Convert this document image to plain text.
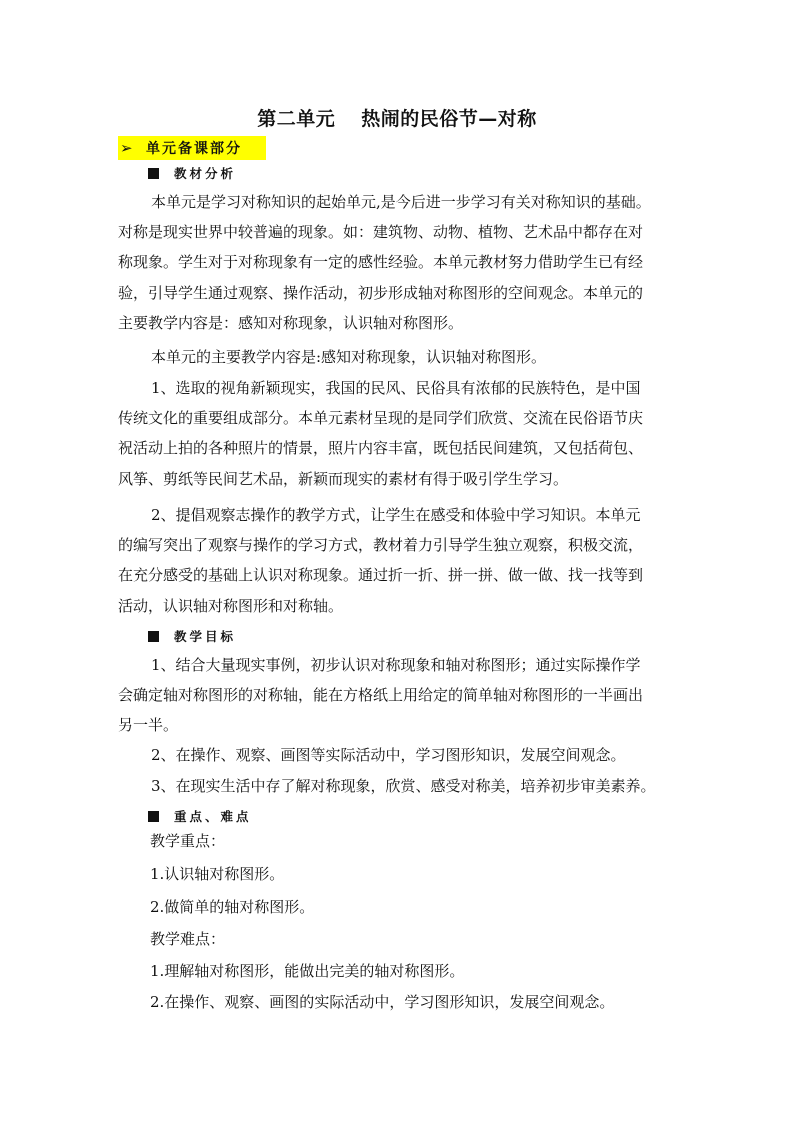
第二单元 热闹的民俗节—对称
➢ 单元备课部分
教材分析
本单元是学习对称知识的起始单元,是今后进一步学习有关对称知识的基础。
对称是现实世界中较普遍的现象。如：建筑物、动物、植物、艺术品中都存在对
称现象。学生对于对称现象有一定的感性经验。本单元教材努力借助学生已有经
验，引导学生通过观察、操作活动，初步形成轴对称图形的空间观念。本单元的
主要教学内容是：感知对称现象，认识轴对称图形。
本单元的主要教学内容是:感知对称现象，认识轴对称图形。
1、选取的视角新颖现实，我国的民风、民俗具有浓郁的民族特色，是中国
传统文化的重要组成部分。本单元素材呈现的是同学们欣赏、交流在民俗语节庆
祝活动上拍的各种照片的情景，照片内容丰富，既包括民间建筑，又包括荷包、
风筝、剪纸等民间艺术品，新颖而现实的素材有得于吸引学生学习。
2、提倡观察志操作的教学方式，让学生在感受和体验中学习知识。本单元
的编写突出了观察与操作的学习方式，教材着力引导学生独立观察，积极交流，
在充分感受的基础上认识对称现象。通过折一折、拼一拼、做一做、找一找等到
活动，认识轴对称图形和对称轴。
教学目标
1、结合大量现实事例，初步认识对称现象和轴对称图形；通过实际操作学
会确定轴对称图形的对称轴，能在方格纸上用给定的简单轴对称图形的一半画出
另一半。
2、在操作、观察、画图等实际活动中，学习图形知识，发展空间观念。
3、在现实生活中存了解对称现象，欣赏、感受对称美，培养初步审美素养。
重点、难点
教学重点：
1.认识轴对称图形。
2.做简单的轴对称图形。
教学难点：
1.理解轴对称图形，能做出完美的轴对称图形。
2.在操作、观察、画图的实际活动中，学习图形知识，发展空间观念。
